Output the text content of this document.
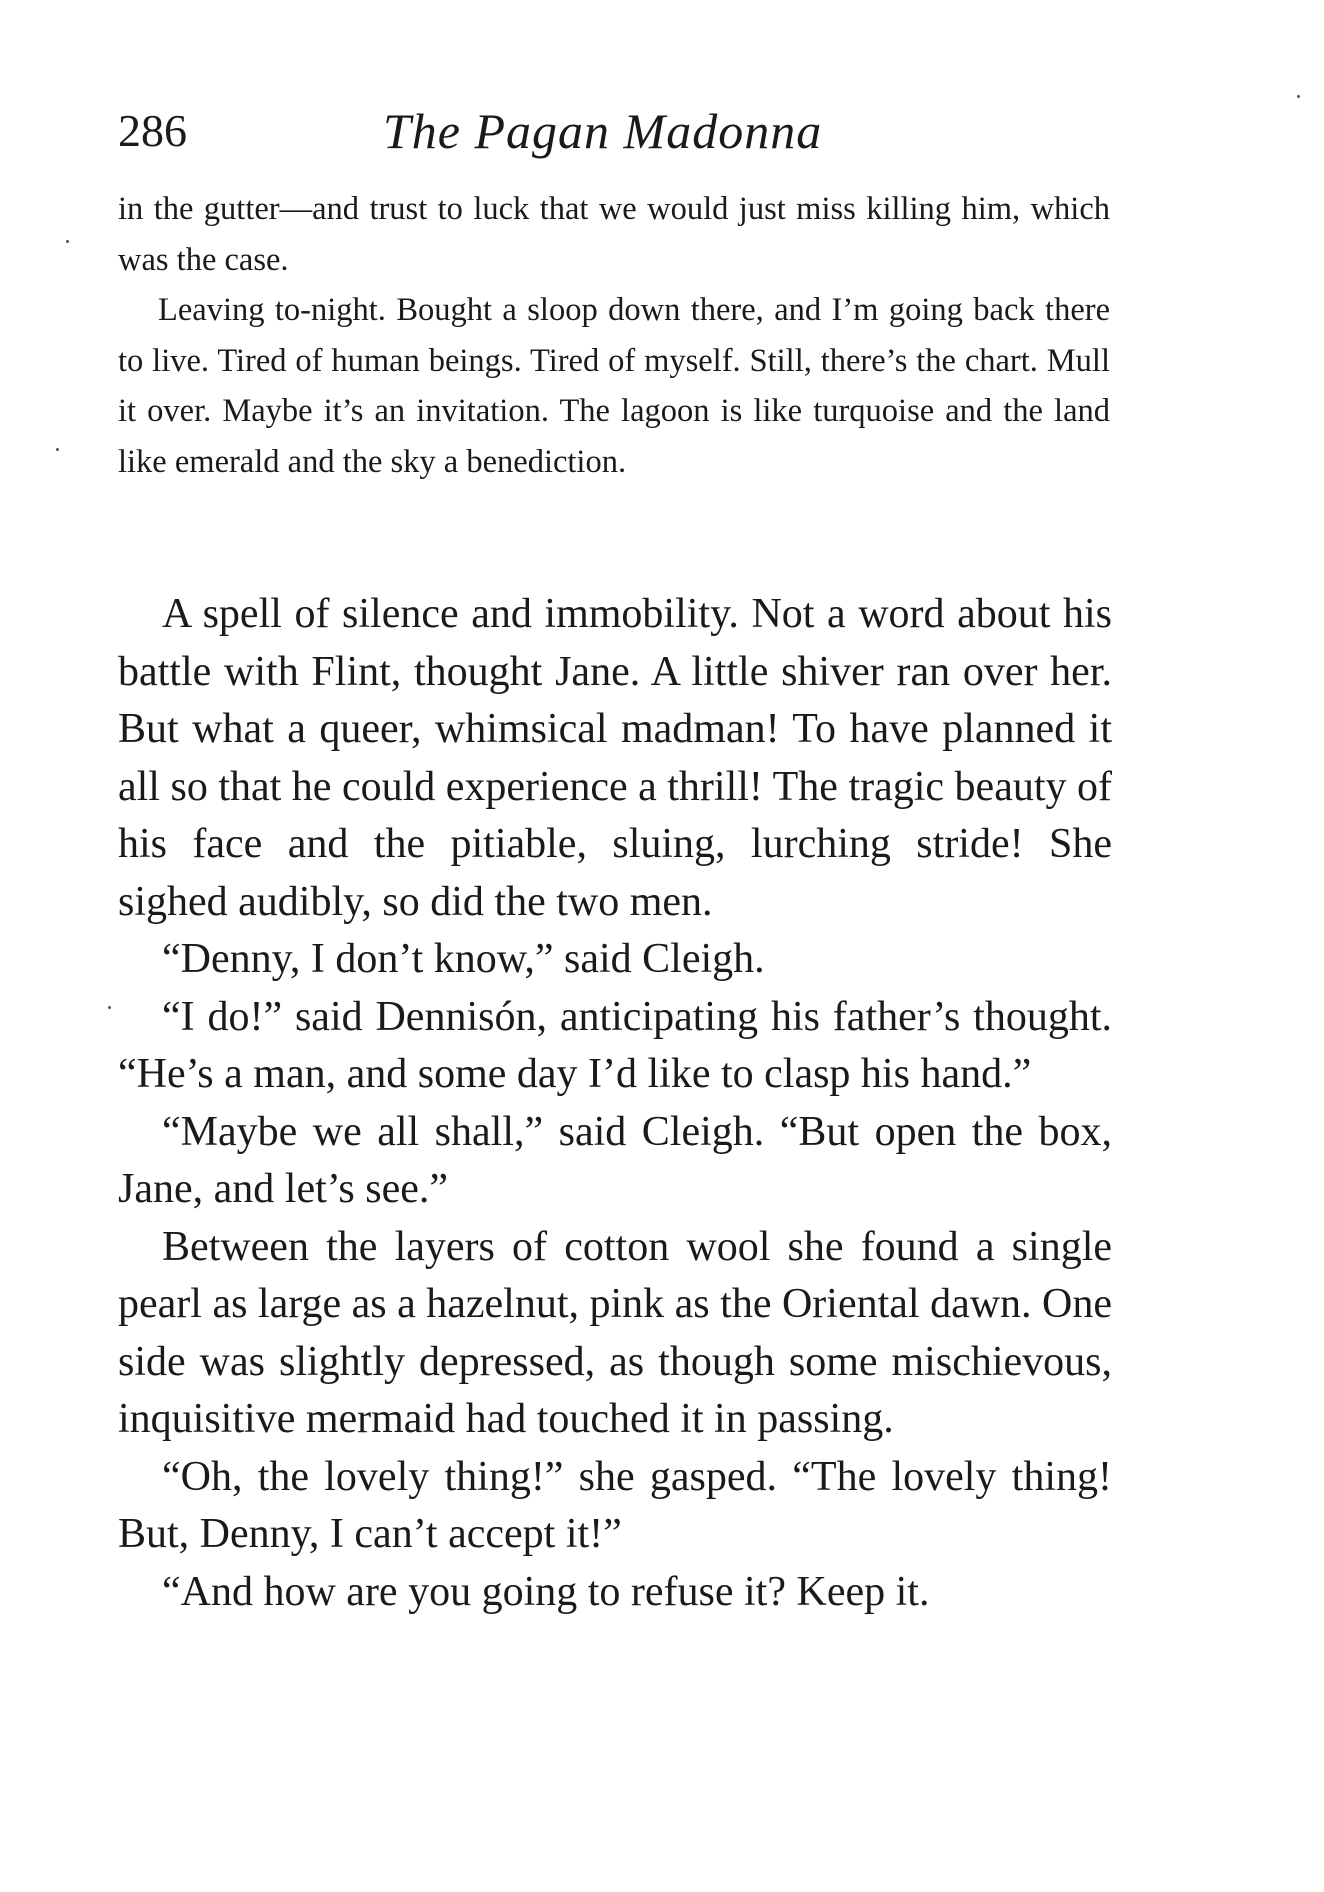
286	The Pagan Madonna

in the gutter—and trust to luck that we would just miss killing him, which was the case.

Leaving to-night. Bought a sloop down there, and I’m going back there to live. Tired of human beings. Tired of myself. Still, there’s the chart. Mull it over. Maybe it’s an invitation. The lagoon is like turquoise and the land like emerald and the sky a benediction.

A spell of silence and immobility. Not a word about his battle with Flint, thought Jane. A little shiver ran over her. But what a queer, whimsical madman! To have planned it all so that he could experience a thrill! The tragic beauty of his face and the pitiable, sluing, lurching stride! She sighed audibly, so did the two men.

“Denny, I don’t know,” said Cleigh.

“I do!” said Dennisón, anticipating his father’s thought. “He’s a man, and some day I’d like to clasp his hand.”

“Maybe we all shall,” said Cleigh. “But open the box, Jane, and let’s see.”

Between the layers of cotton wool she found a single pearl as large as a hazelnut, pink as the Oriental dawn. One side was slightly depressed, as though some mischievous, inquisitive mermaid had touched it in passing.

“Oh, the lovely thing!” she gasped. “The lovely thing! But, Denny, I can’t accept it!”

“And how are you going to refuse it? Keep it.
